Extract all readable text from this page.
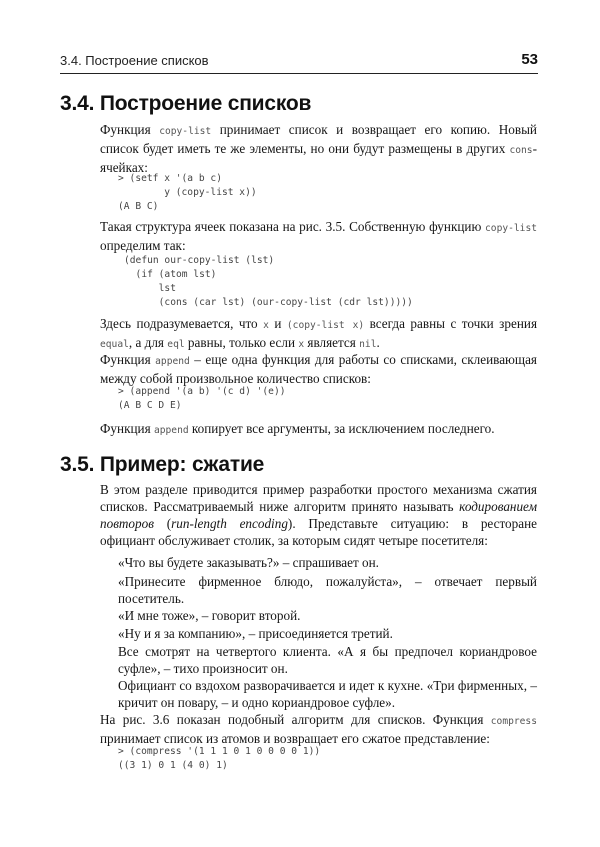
3.4. Построение списков	53
3.4. Построение списков
Функция copy-list принимает список и возвращает его копию. Новый список будет иметь те же элементы, но они будут размещены в других cons-ячейках:
> (setf x '(a b c)
y (copy-list x))
(A B C)
Такая структура ячеек показана на рис. 3.5. Собственную функцию copy-list определим так:
(defun our-copy-list (lst)
(if (atom lst)
lst
(cons (car lst) (our-copy-list (cdr lst)))))
Здесь подразумевается, что x и (copy-list x) всегда равны с точки зрения equal, а для eql равны, только если x является nil.
Функция append – еще одна функция для работы со списками, склеивающая между собой произвольное количество списков:
> (append '(a b) '(c d) '(e))
(A B C D E)
Функция append копирует все аргументы, за исключением последнего.
3.5. Пример: сжатие
В этом разделе приводится пример разработки простого механизма сжатия списков. Рассматриваемый ниже алгоритм принято называть кодированием повторов (run-length encoding). Представьте ситуацию: в ресторане официант обслуживает столик, за которым сидят четыре посетителя:
«Что вы будете заказывать?» – спрашивает он.
«Принесите фирменное блюдо, пожалуйста», – отвечает первый посетитель.
«И мне тоже», – говорит второй.
«Ну и я за компанию», – присоединяется третий.
Все смотрят на четвертого клиента. «А я бы предпочел кориандровое суфле», – тихо произносит он.
Официант со вздохом разворачивается и идет к кухне. «Три фирменных, – кричит он повару, – и одно кориандровое суфле».
На рис. 3.6 показан подобный алгоритм для списков. Функция compress принимает список из атомов и возвращает его сжатое представление:
> (compress '(1 1 1 0 1 0 0 0 0 1))
((3 1) 0 1 (4 0) 1)
